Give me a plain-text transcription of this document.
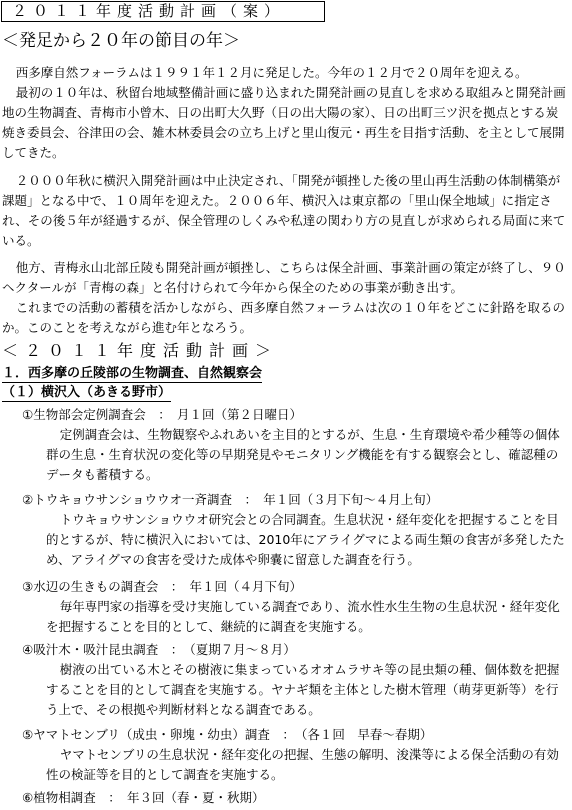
２０１１年度活動計画（案）
＜発足から２０年の節目の年＞
西多摩自然フォーラムは１９９１年１２月に発足した。今年の１２月で２０周年を迎える。
最初の１０年は、秋留台地域整備計画に盛り込まれた開発計画の見直しを求める取組みと開発計画地の生物調査、青梅市小曾木、日の出町大久野（日の出大陽の家）、日の出町三ツ沢を拠点とする炭焼き委員会、谷津田の会、雑木林委員会の立ち上げと里山復元・再生を目指す活動、を主として展開してきた。
２０００年秋に横沢入開発計画は中止決定され、「開発が頓挫した後の里山再生活動の体制構築が課題」となる中で、１０周年を迎えた。２００６年、横沢入は東京都の「里山保全地域」に指定され、その後５年が経過するが、保全管理のしくみや私達の関わり方の見直しが求められる局面に来ている。
他方、青梅永山北部丘陵も開発計画が頓挫し、こちらは保全計画、事業計画の策定が終了し、９０ヘクタールが「青梅の森」と名付けられて今年から保全のための事業が動き出す。
これまでの活動の蓄積を活かしながら、西多摩自然フォーラムは次の１０年をどこに針路を取るのか。このことを考えながら進む年となろう。
＜２０１１年度活動計画＞
１．西多摩の丘陵部の生物調査、自然観察会
（１）横沢入（あきる野市）
①生物部会定例調査会　：　月１回（第２日曜日）
定例調査会は、生物観察やふれあいを主目的とするが、生息・生育環境や希少種等の個体群の生息・生育状況の変化等の早期発見やモニタリング機能を有する観察会とし、確認種のデータも蓄積する。
②トウキョウサンショウウオ一斉調査　：　年１回（３月下旬～４月上旬）
トウキョウサンショウウオ研究会との合同調査。生息状況・経年変化を把握することを目的とするが、特に横沢入においては、2010年にアライグマによる両生類の食害が多発したため、アライグマの食害を受けた成体や卵嚢に留意した調査を行う。
③水辺の生きもの調査会　：　年１回（４月下旬）
毎年専門家の指導を受け実施している調査であり、流水性水生生物の生息状況・経年変化を把握することを目的として、継続的に調査を実施する。
④吸汁木・吸汁昆虫調査　：　（夏期７月～８月）
樹液の出ている木とその樹液に集まっているオオムラサキ等の昆虫類の種、個体数を把握することを目的として調査を実施する。ヤナギ類を主体とした樹木管理（萌芽更新等）を行う上で、その根拠や判断材料となる調査である。
⑤ヤマトセンブリ（成虫・卵塊・幼虫）調査　：　（各１回　早春～春期）
ヤマトセンブリの生息状況・経年変化の把握、生態の解明、浚渫等による保全活動の有効性の検証等を目的として調査を実施する。
⑥植物相調査　：　年３回（春・夏・秋期）
